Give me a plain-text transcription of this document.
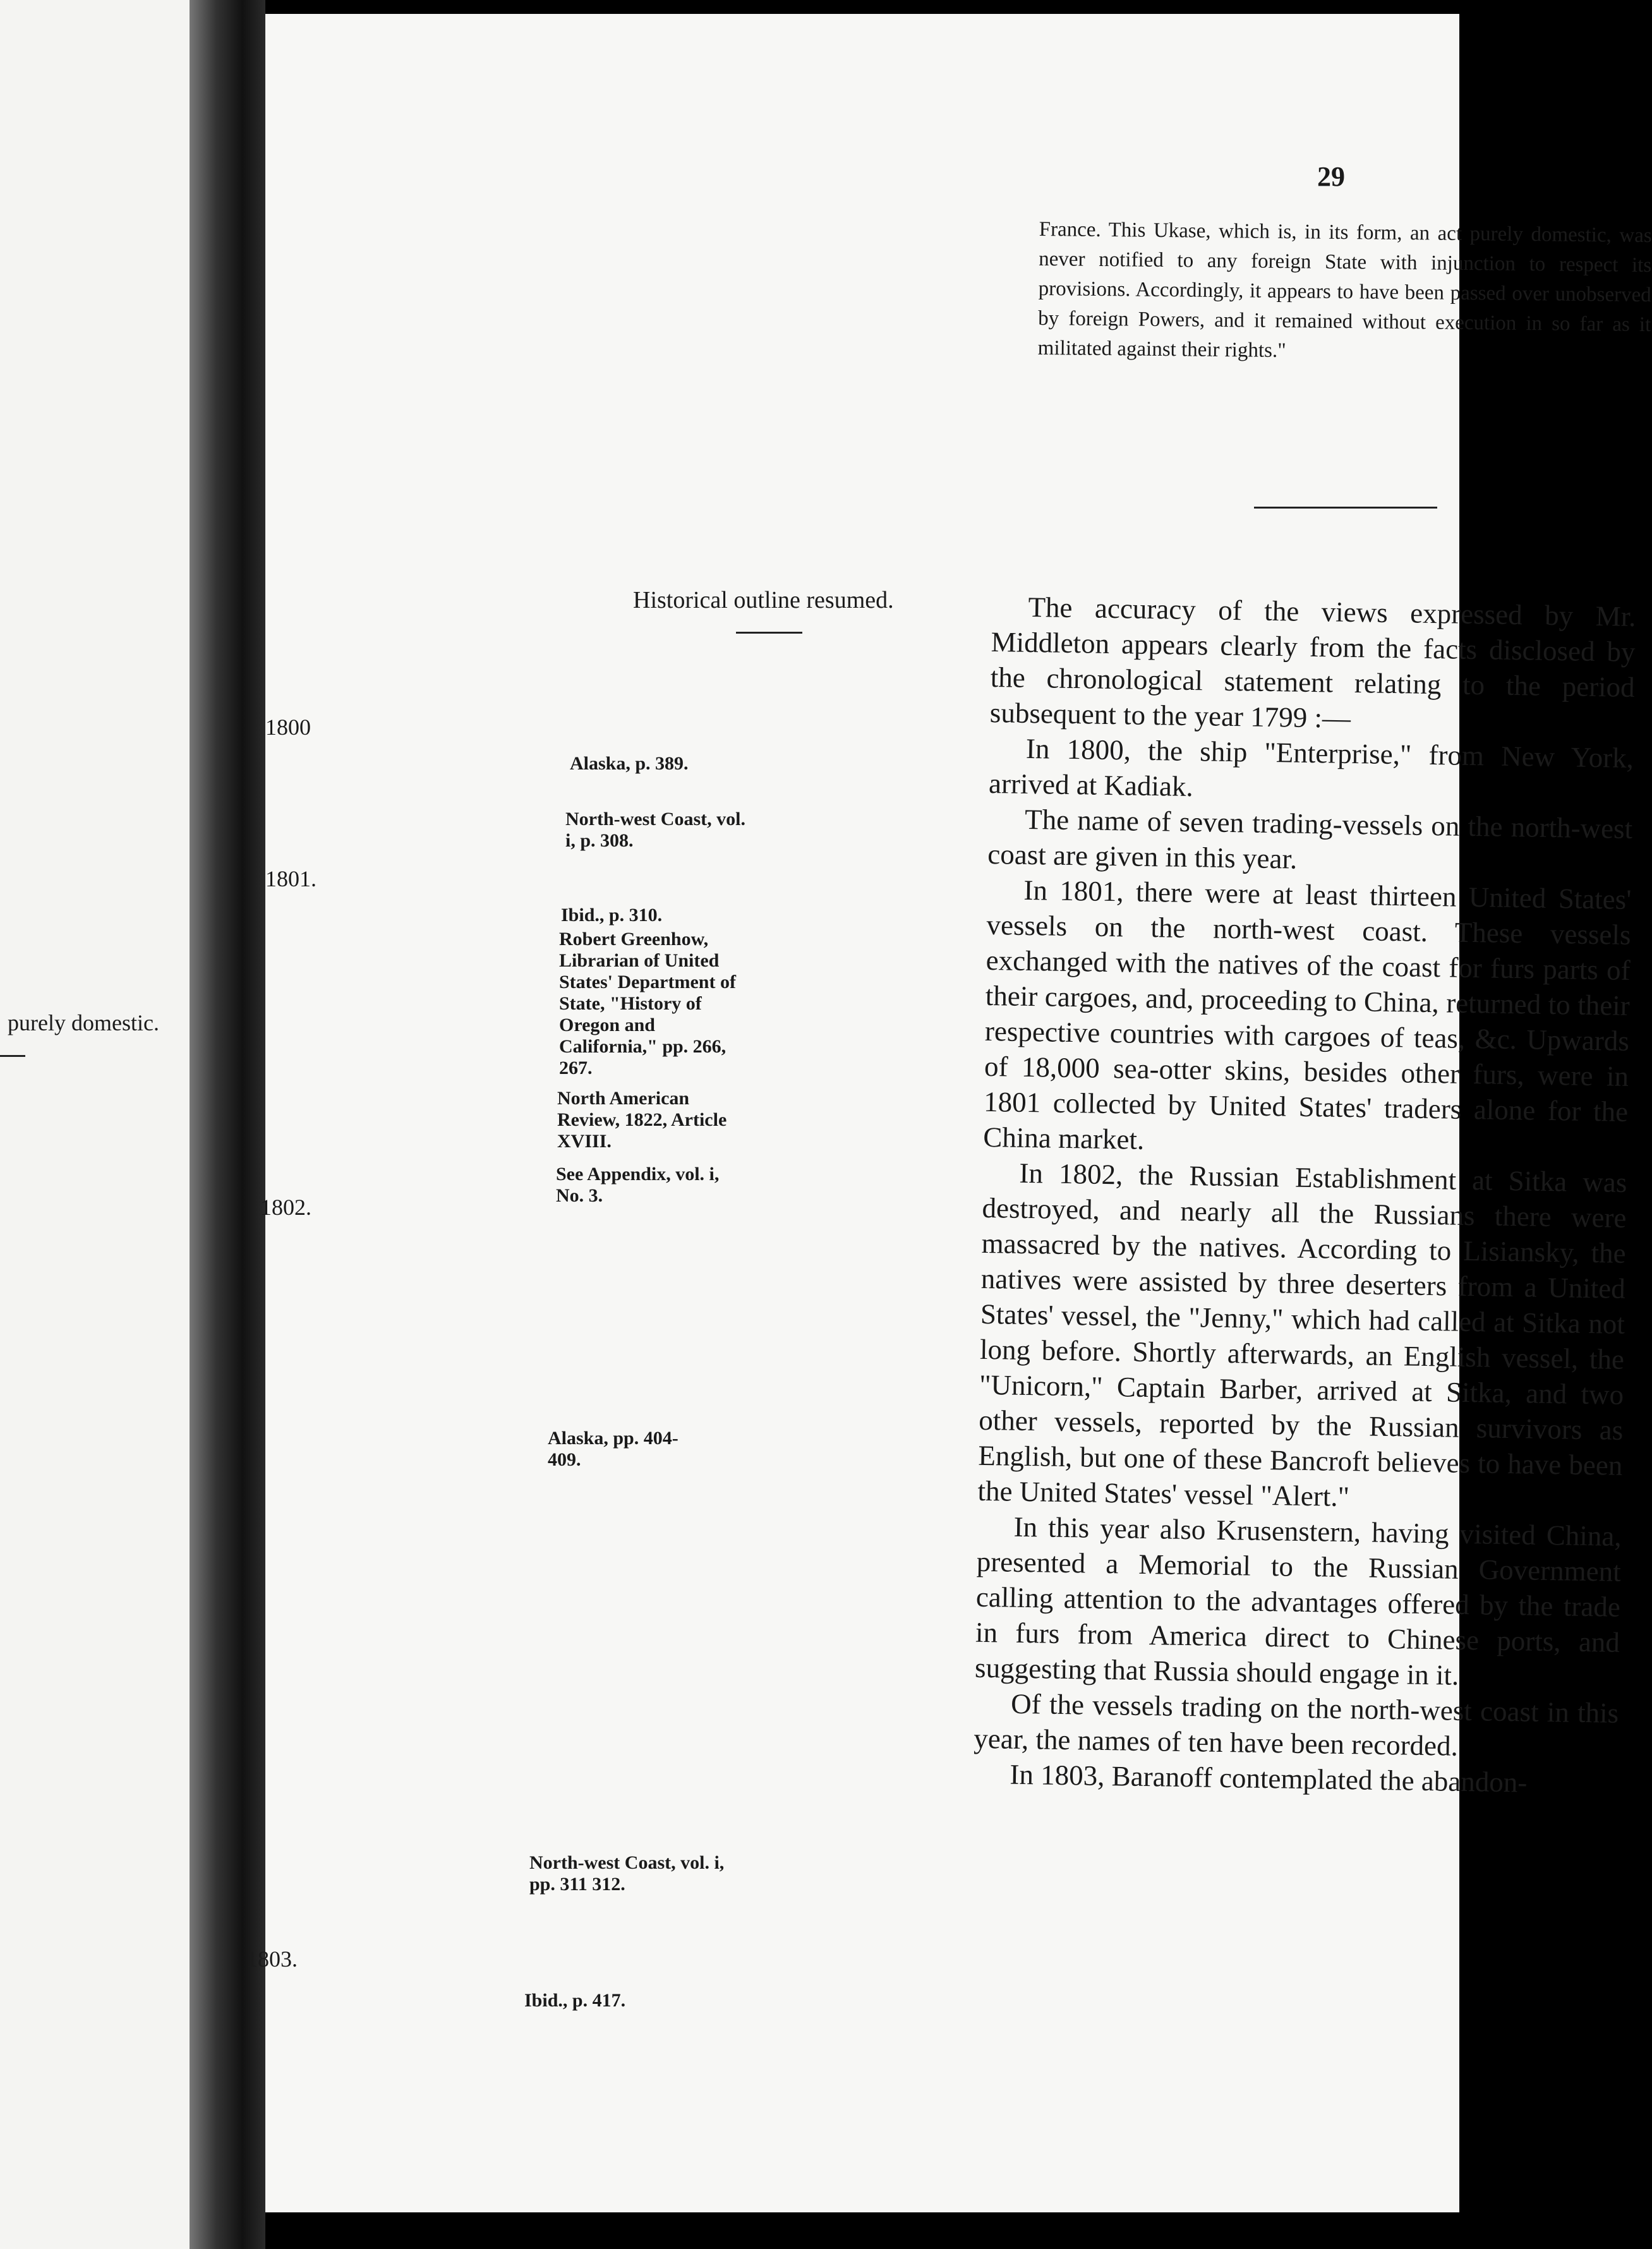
purely domestic.
29

France. This Ukase, which is, in its form, an act purely domestic, was never notified to any foreign State with injunction to respect its provisions. Accordingly, it appears to have been passed over unobserved by foreign Powers, and it remained without execution in so far as it militated against their rights."

Historical outline resumed.
1800
1801.
1802.
1803.
Alaska, p. 389.
North-west Coast, vol. i, p. 308.
Ibid., p. 310.
Robert Greenhow, Librarian of United States' Department of State, "History of Oregon and California," pp. 266, 267.
North American Review, 1822, Article XVIII.
See Appendix, vol. i, No. 3.
Alaska, pp. 404-409.
North-west Coast, vol. i, pp. 311 312.
Ibid., p. 417.

The accuracy of the views expressed by Mr. Middleton appears clearly from the facts disclosed by the chronological statement relating to the period subsequent to the year 1799 :—

In 1800, the ship "Enterprise," from New York, arrived at Kadiak.

The name of seven trading-vessels on the north-west coast are given in this year.

In 1801, there were at least thirteen United States' vessels on the north-west coast. These vessels exchanged with the natives of the coast for furs parts of their cargoes, and, proceeding to China, returned to their respective countries with cargoes of teas, &c. Upwards of 18,000 sea-otter skins, besides other furs, were in 1801 collected by United States' traders alone for the China market.

In 1802, the Russian Establishment at Sitka was destroyed, and nearly all the Russians there were massacred by the natives. According to Lisiansky, the natives were assisted by three deserters from a United States' vessel, the "Jenny," which had called at Sitka not long before. Shortly afterwards, an English vessel, the "Unicorn," Captain Barber, arrived at Sitka, and two other vessels, reported by the Russian survivors as English, but one of these Bancroft believes to have been the United States' vessel "Alert."

In this year also Krusenstern, having visited China, presented a Memorial to the Russian Government calling attention to the advantages offered by the trade in furs from America direct to Chinese ports, and suggesting that Russia should engage in it.

Of the vessels trading on the north-west coast in this year, the names of ten have been recorded.

In 1803, Baranoff contemplated the abandon-
